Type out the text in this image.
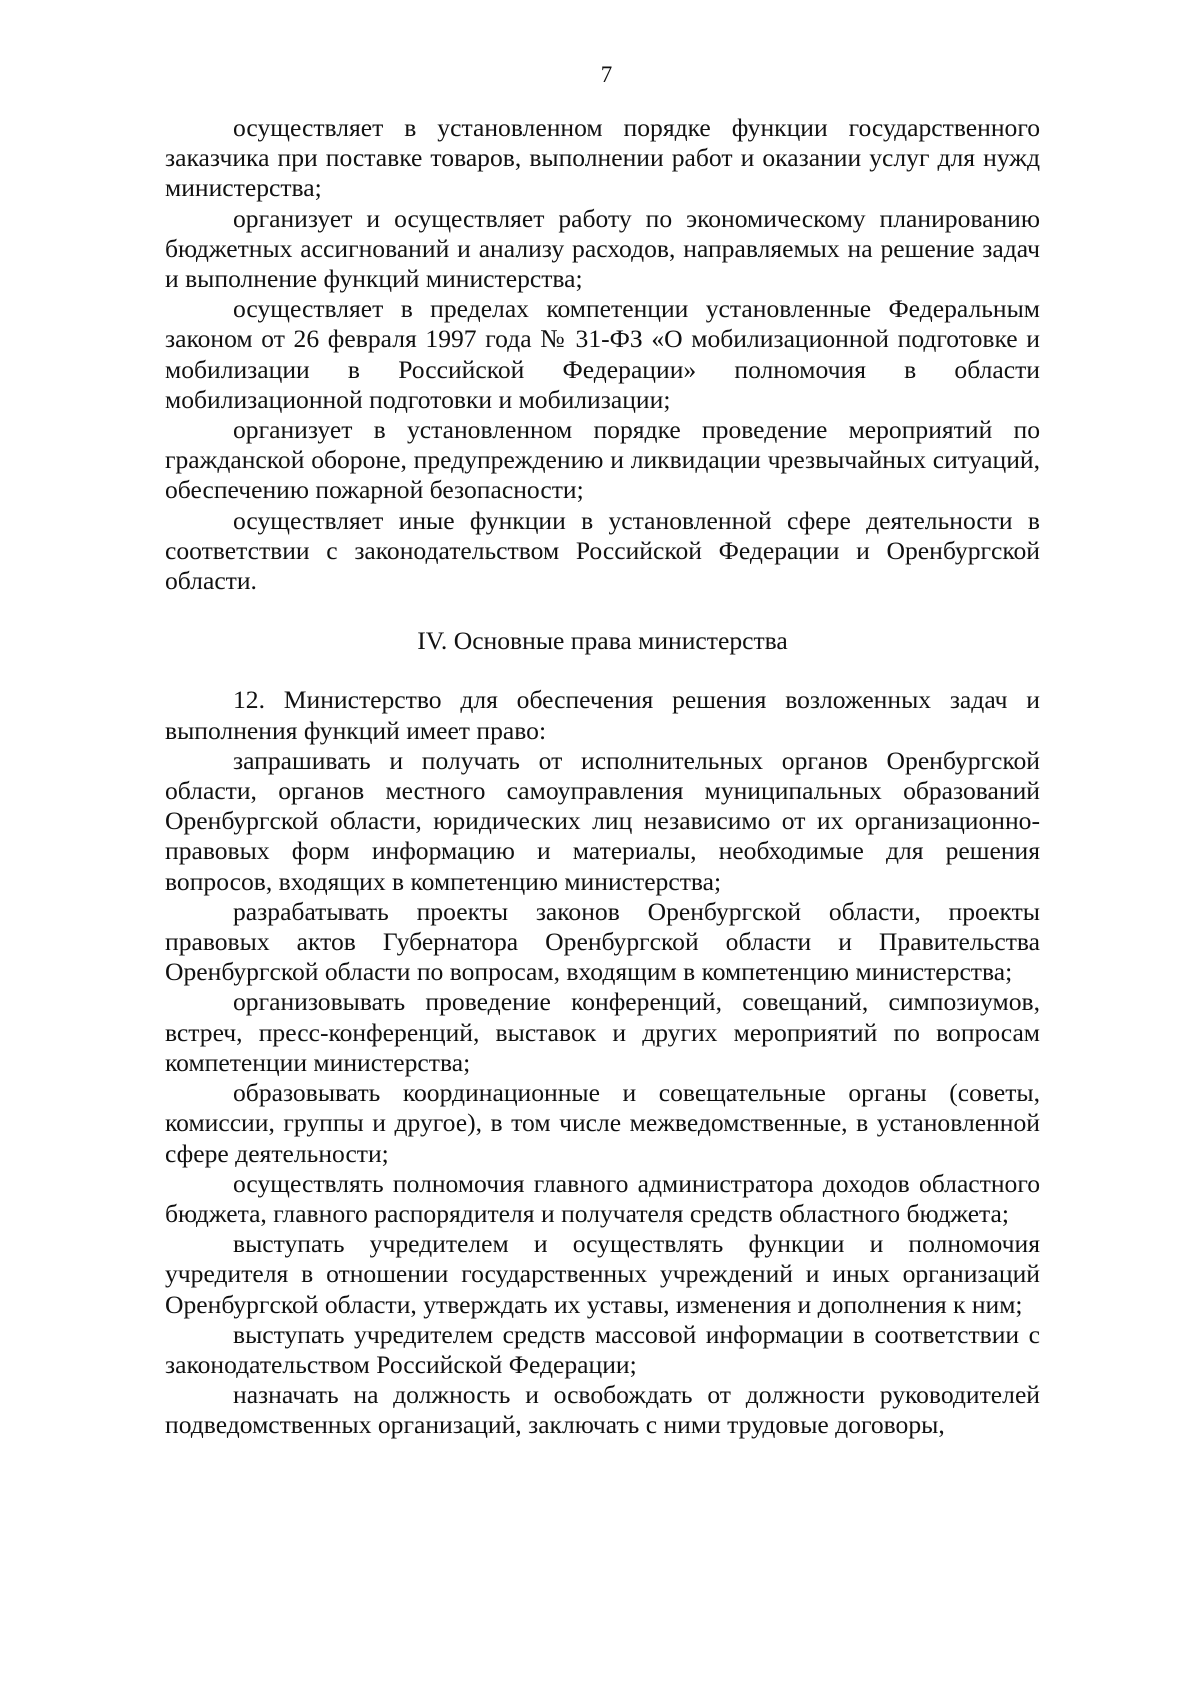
7

осуществляет в установленном порядке функции государственного заказчика при поставке товаров, выполнении работ и оказании услуг для нужд министерства;

организует и осуществляет работу по экономическому планированию бюджетных ассигнований и анализу расходов, направляемых на решение задач и выполнение функций министерства;

осуществляет в пределах компетенции установленные Федеральным законом от 26 февраля 1997 года № 31-ФЗ «О мобилизационной подготовке и мобилизации в Российской Федерации» полномочия в области мобилизационной подготовки и мобилизации;

организует в установленном порядке проведение мероприятий по гражданской обороне, предупреждению и ликвидации чрезвычайных ситуаций, обеспечению пожарной безопасности;

осуществляет иные функции в установленной сфере деятельности в соответствии с законодательством Российской Федерации и Оренбургской области.

IV. Основные права министерства

12. Министерство для обеспечения решения возложенных задач и выполнения функций имеет право:

запрашивать и получать от исполнительных органов Оренбургской области, органов местного самоуправления муниципальных образований Оренбургской области, юридических лиц независимо от их организационно-правовых форм информацию и материалы, необходимые для решения вопросов, входящих в компетенцию министерства;

разрабатывать проекты законов Оренбургской области, проекты правовых актов Губернатора Оренбургской области и Правительства Оренбургской области по вопросам, входящим в компетенцию министерства;

организовывать проведение конференций, совещаний, симпозиумов, встреч, пресс-конференций, выставок и других мероприятий по вопросам компетенции министерства;

образовывать координационные и совещательные органы (советы, комиссии, группы и другое), в том числе межведомственные, в установленной сфере деятельности;

осуществлять полномочия главного администратора доходов областного бюджета, главного распорядителя и получателя средств областного бюджета;

выступать учредителем и осуществлять функции и полномочия учредителя в отношении государственных учреждений и иных организаций Оренбургской области, утверждать их уставы, изменения и дополнения к ним;

выступать учредителем средств массовой информации в соответствии с законодательством Российской Федерации;

назначать на должность и освобождать от должности руководителей подведомственных организаций, заключать с ними трудовые договоры,
